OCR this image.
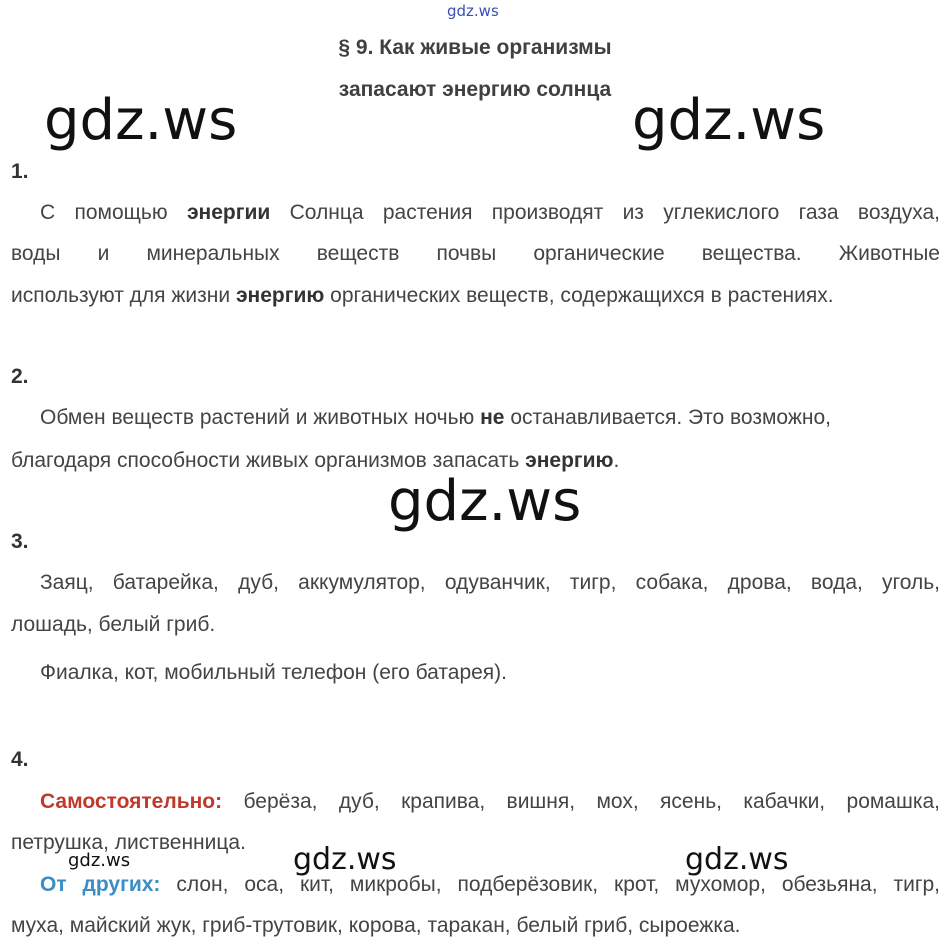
gdz.ws
§ 9. Как живые организмы
запасают энергию солнца
gdz.ws	gdz.ws
1.
С помощью энергии Солнца растения производят из углекислого газа воздуха,
воды и минеральных веществ почвы органические вещества. Животные
используют для жизни энергию органических веществ, содержащихся в растениях.
2.
Обмен веществ растений и животных ночью не останавливается. Это возможно,
благодаря способности живых организмов запасать энергию.
gdz.ws
3.
Заяц, батарейка, дуб, аккумулятор, одуванчик, тигр, собака, дрова, вода, уголь,
лошадь, белый гриб.
Фиалка, кот, мобильный телефон (его батарея).
4.
Самостоятельно: берёза, дуб, крапива, вишня, мох, ясень, кабачки, ромашка,
петрушка, лиственница.
gdz.ws	gdz.ws	gdz.ws
От других: слон, оса, кит, микробы, подберёзовик, крот, мухомор, обезьяна, тигр,
муха, майский жук, гриб-трутовик, корова, таракан, белый гриб, сыроежка.
